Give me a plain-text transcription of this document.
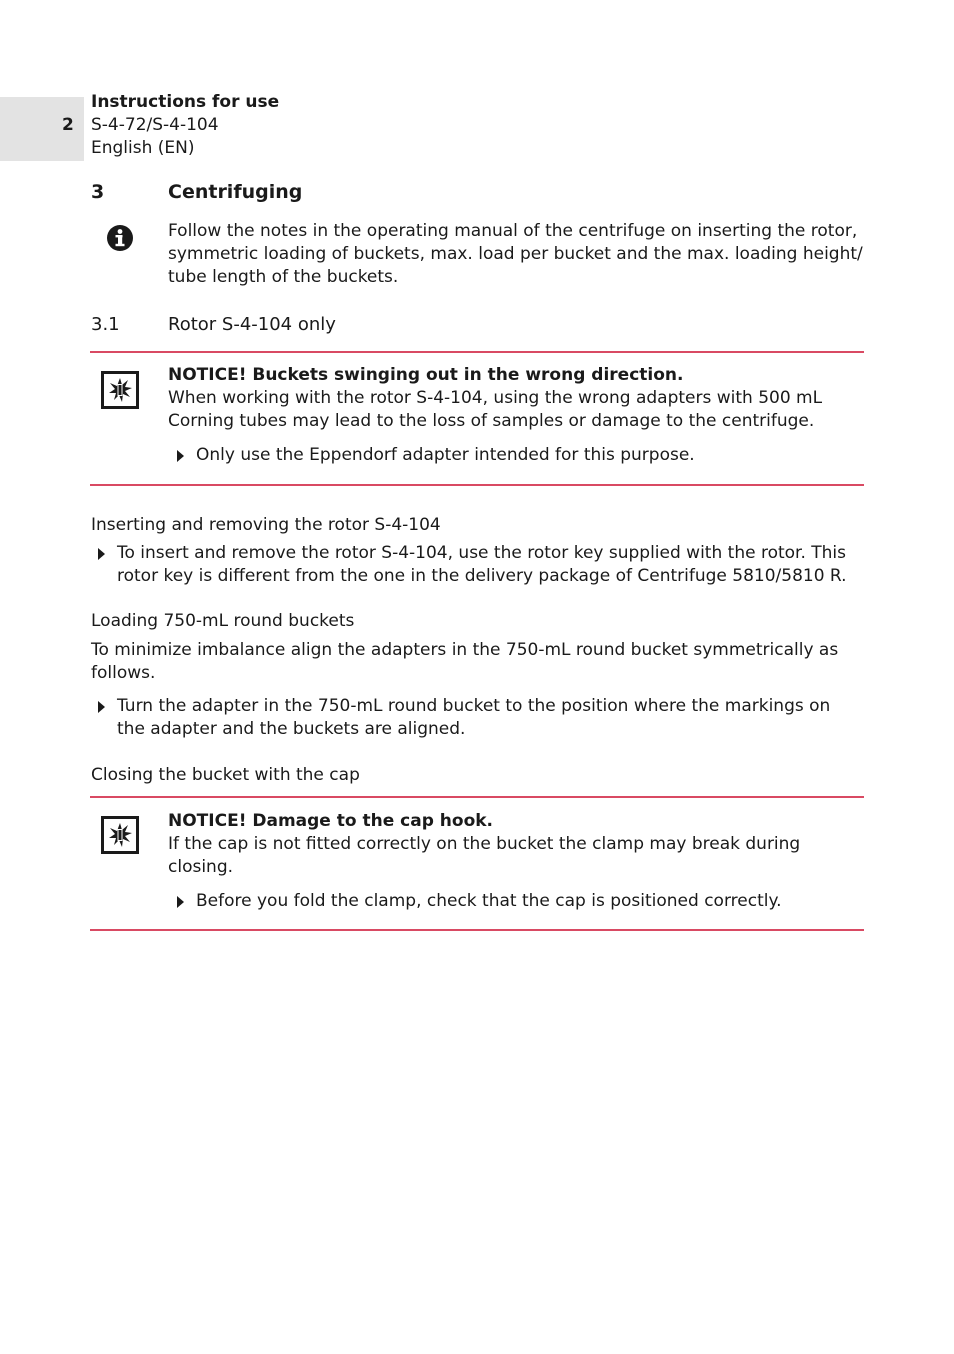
2
Instructions for use
S-4-72/S-4-104
English (EN)
3	Centrifuging
Follow the notes in the operating manual of the centrifuge on inserting the rotor, symmetric loading of buckets, max. load per bucket and the max. loading height/ tube length of the buckets.
3.1	Rotor S-4-104 only
NOTICE! Buckets swinging out in the wrong direction.
When working with the rotor S-4-104, using the wrong adapters with 500 mL Corning tubes may lead to the loss of samples or damage to the centrifuge.
Only use the Eppendorf adapter intended for this purpose.
Inserting and removing the rotor S-4-104
To insert and remove the rotor S-4-104, use the rotor key supplied with the rotor. This rotor key is different from the one in the delivery package of Centrifuge 5810/5810 R.
Loading 750-mL round buckets
To minimize imbalance align the adapters in the 750-mL round bucket symmetrically as follows.
Turn the adapter in the 750-mL round bucket to the position where the markings on the adapter and the buckets are aligned.
Closing the bucket with the cap
NOTICE! Damage to the cap hook.
If the cap is not fitted correctly on the bucket the clamp may break during closing.
Before you fold the clamp, check that the cap is positioned correctly.
